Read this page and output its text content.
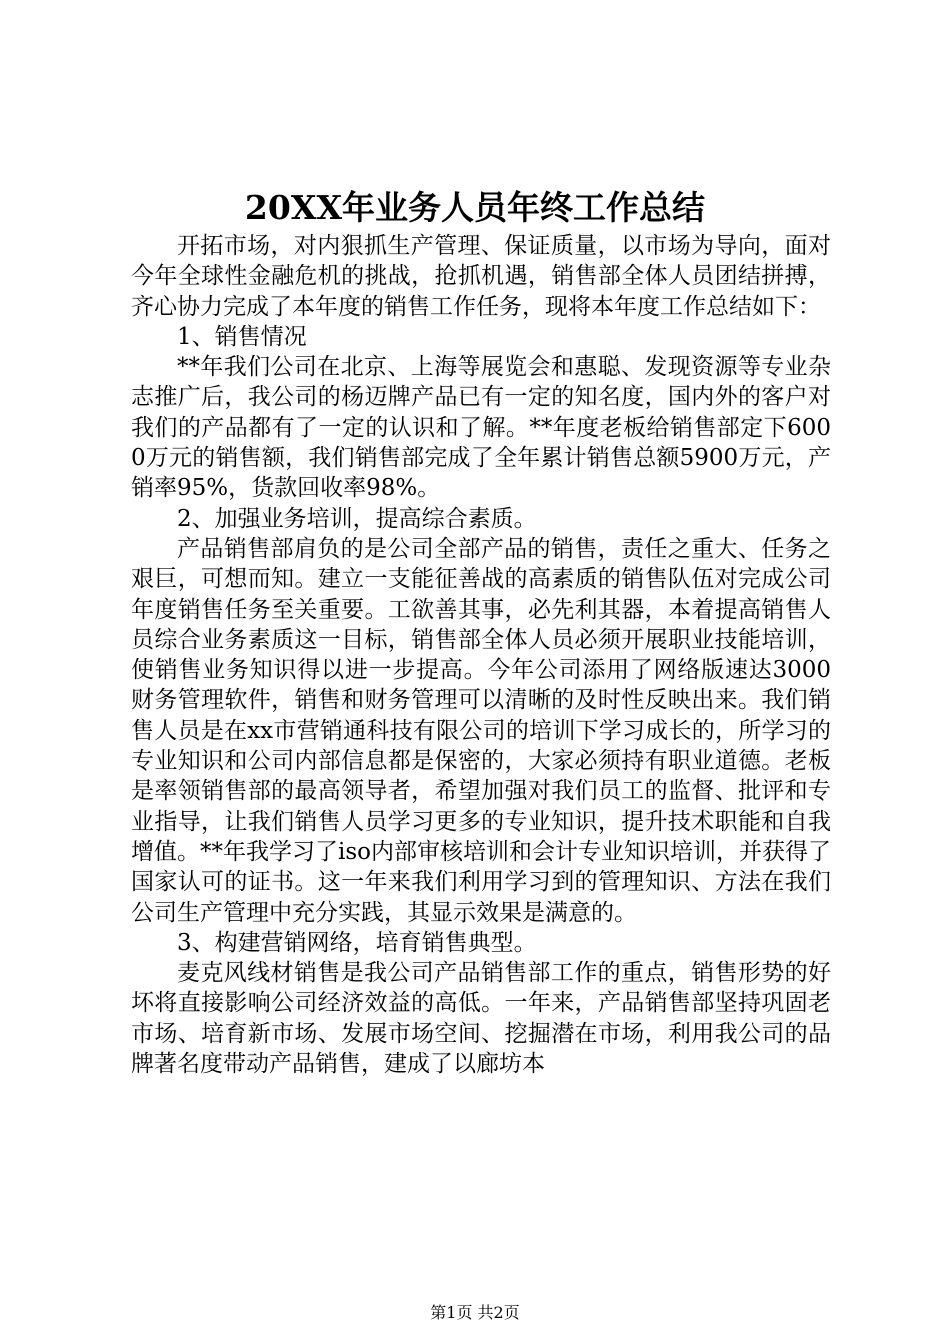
20XX年业务人员年终工作总结

开拓市场，对内狠抓生产管理、保证质量，以市场为导向，面对今年全球性金融危机的挑战，抢抓机遇，销售部全体人员团结拼搏，齐心协力完成了本年度的销售工作任务，现将本年度工作总结如下：

1、销售情况

**年我们公司在北京、上海等展览会和惠聪、发现资源等专业杂志推广后，我公司的杨迈牌产品已有一定的知名度，国内外的客户对我们的产品都有了一定的认识和了解。**年度老板给销售部定下6000万元的销售额，我们销售部完成了全年累计销售总额5900万元，产销率95%，货款回收率98%。

2、加强业务培训，提高综合素质。

产品销售部肩负的是公司全部产品的销售，责任之重大、任务之艰巨，可想而知。建立一支能征善战的高素质的销售队伍对完成公司年度销售任务至关重要。工欲善其事，必先利其器，本着提高销售人员综合业务素质这一目标，销售部全体人员必须开展职业技能培训，使销售业务知识得以进一步提高。今年公司添用了网络版速达3000财务管理软件，销售和财务管理可以清晰的及时性反映出来。我们销售人员是在xx市营销通科技有限公司的培训下学习成长的，所学习的专业知识和公司内部信息都是保密的，大家必须持有职业道德。老板是率领销售部的最高领导者，希望加强对我们员工的监督、批评和专业指导，让我们销售人员学习更多的专业知识，提升技术职能和自我增值。**年我学习了iso内部审核培训和会计专业知识培训，并获得了国家认可的证书。这一年来我们利用学习到的管理知识、方法在我们公司生产管理中充分实践，其显示效果是满意的。

3、构建营销网络，培育销售典型。

麦克风线材销售是我公司产品销售部工作的重点，销售形势的好坏将直接影响公司经济效益的高低。一年来，产品销售部坚持巩固老市场、培育新市场、发展市场空间、挖掘潜在市场，利用我公司的品牌著名度带动产品销售，建成了以廊坊本

第1页 共2页
